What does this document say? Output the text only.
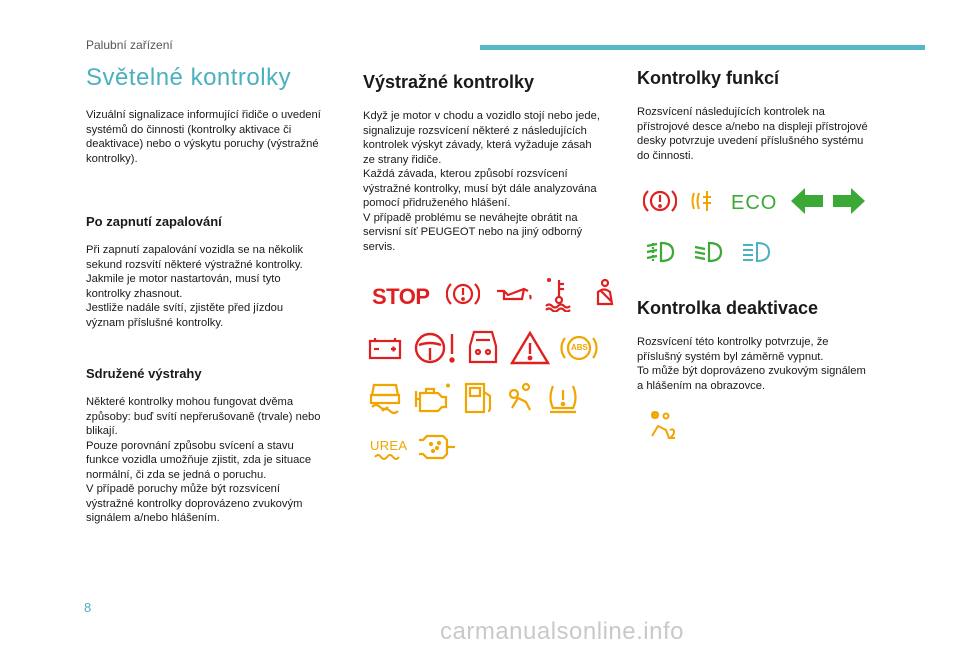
Palubní zařízení
Světelné kontrolky

Vizuální signalizace informující řidiče o uvedení
systémů do činnosti (kontrolky aktivace či
deaktivace) nebo o výskytu poruchy (výstražné
kontrolky).

Po zapnutí zapalování

Při zapnutí zapalování vozidla se na několik
sekund rozsvítí některé výstražné kontrolky.
Jakmile je motor nastartován, musí tyto
kontrolky zhasnout.
Jestliže nadále svítí, zjistěte před jízdou
význam příslušné kontrolky.

Sdružené výstrahy

Některé kontrolky mohou fungovat dvěma
způsoby: buď svítí nepřerušovaně (trvale) nebo
blikají.
Pouze porovnání způsobu svícení a stavu
funkce vozidla umožňuje zjistit, zda je situace
normální, či zda se jedná o poruchu.
V případě poruchy může být rozsvícení
výstražné kontrolky doprovázeno zvukovým
signálem a/nebo hlášením.

Výstražné kontrolky

Když je motor v chodu a vozidlo stojí nebo jede,
signalizuje rozsvícení některé z následujících
kontrolek výskyt závady, která vyžaduje zásah
ze strany řidiče.
Každá závada, kterou způsobí rozsvícení
výstražné kontrolky, musí být dále analyzována
pomocí přidruženého hlášení.
V případě problému se neváhejte obrátit na
servisní síť PEUGEOT nebo na jiný odborný
servis.

STOP
ABS
UREA
Kontrolky funkcí

Rozsvícení následujících kontrolek na
přístrojové desce a/nebo na displeji přístrojové
desky potvrzuje uvedení příslušného systému
do činnosti.

ECO
Kontrolka deaktivace

Rozsvícení této kontrolky potvrzuje, že
příslušný systém byl záměrně vypnut.
To může být doprovázeno zvukovým signálem
a hlášením na obrazovce.

8
carmanualsonline.info
